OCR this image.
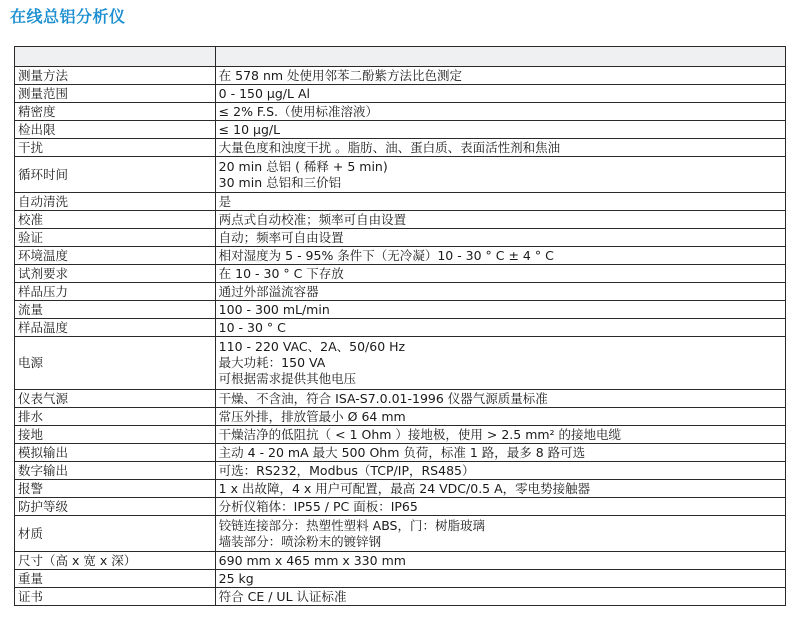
在线总铝分析仪

测量方法	在 578 nm 处使用邻苯二酚紫方法比色测定

测量范围	0 - 150 µg/L Al

精密度	≤ 2% F.S.（使用标准溶液）

检出限	≤ 10 µg/L

干扰	大量色度和浊度干扰 。脂肪、油、蛋白质、表面活性剂和焦油

循环时间	20 min 总铝 ( 稀释 + 5 min)
30 min 总铝和三价铝

自动清洗	是

校准	两点式自动校准；频率可自由设置

验证	自动；频率可自由设置

环境温度	相对湿度为 5 - 95% 条件下（无冷凝）10 - 30 ° C ± 4 ° C

试剂要求	在 10 - 30 ° C 下存放

样品压力	通过外部溢流容器

流量	100 - 300 mL/min

样品温度	10 - 30 ° C

电源	110 - 220 VAC、2A、50/60 Hz
最大功耗：150 VA
可根据需求提供其他电压

仪表气源	干燥、不含油，符合 ISA-S7.0.01-1996 仪器气源质量标准

排水	常压外排，排放管最小 Ø 64 mm

接地	干燥洁净的低阻抗（ < 1 Ohm ）接地极，使用 > 2.5 mm² 的接地电缆

模拟输出	主动 4 - 20 mA 最大 500 Ohm 负荷，标准 1 路，最多 8 路可选

数字输出	可选：RS232，Modbus（TCP/IP，RS485）

报警	1 x 出故障，4 x 用户可配置，最高 24 VDC/0.5 A，零电势接触器

防护等级	分析仪箱体：IP55 / PC 面板：IP65

材质	铰链连接部分：热塑性塑料 ABS，门：树脂玻璃
墙装部分：喷涂粉末的镀锌钢

尺寸（高 x 宽 x 深）	690 mm x 465 mm x 330 mm

重量	25 kg

证书	符合 CE / UL 认证标准
